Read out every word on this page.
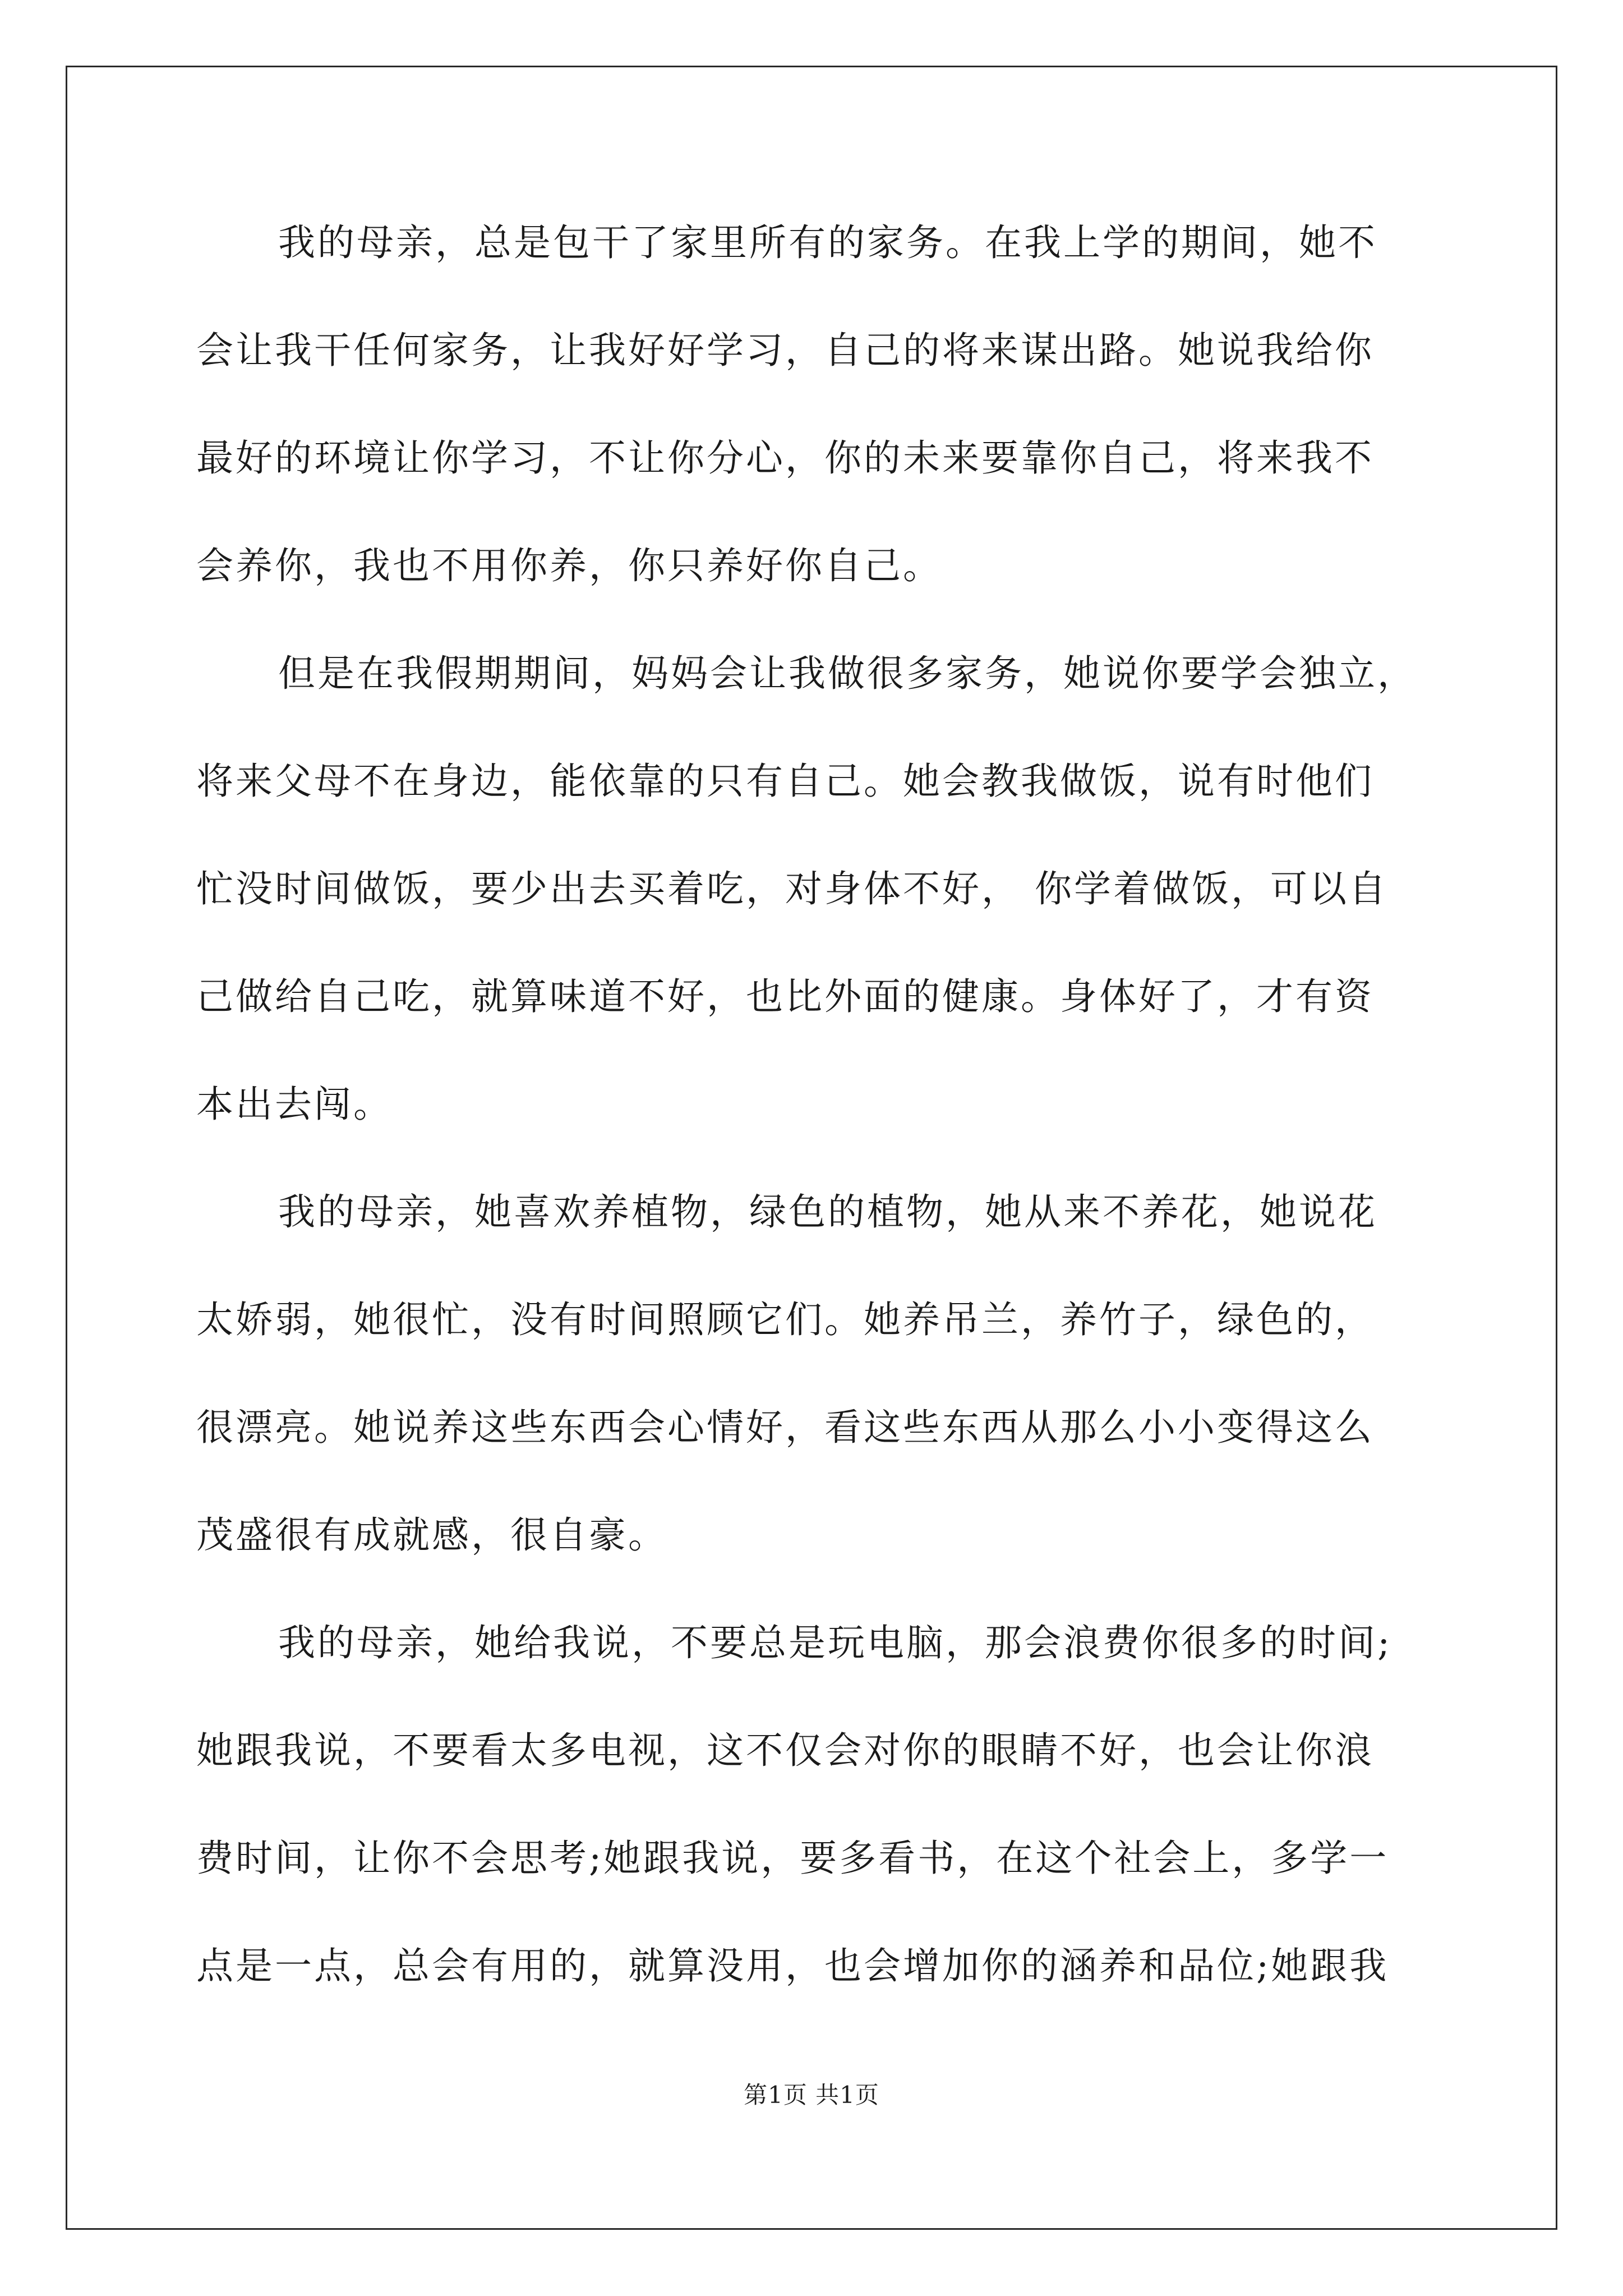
我的母亲，总是包干了家里所有的家务。在我上学的期间，她不
会让我干任何家务，让我好好学习，自己的将来谋出路。她说我给你
最好的环境让你学习，不让你分心，你的未来要靠你自己，将来我不
会养你，我也不用你养，你只养好你自己。
但是在我假期期间，妈妈会让我做很多家务，她说你要学会独立，
将来父母不在身边，能依靠的只有自己。她会教我做饭，说有时他们
忙没时间做饭，要少出去买着吃，对身体不好， 你学着做饭，可以自
己做给自己吃，就算味道不好，也比外面的健康。身体好了，才有资
本出去闯。
我的母亲，她喜欢养植物，绿色的植物，她从来不养花，她说花
太娇弱，她很忙，没有时间照顾它们。她养吊兰，养竹子，绿色的，
很漂亮。她说养这些东西会心情好，看这些东西从那么小小变得这么
茂盛很有成就感，很自豪。
我的母亲，她给我说，不要总是玩电脑，那会浪费你很多的时间;
她跟我说，不要看太多电视，这不仅会对你的眼睛不好，也会让你浪
费时间，让你不会思考;她跟我说，要多看书，在这个社会上，多学一
点是一点，总会有用的，就算没用，也会增加你的涵养和品位;她跟我
第1页 共1页
